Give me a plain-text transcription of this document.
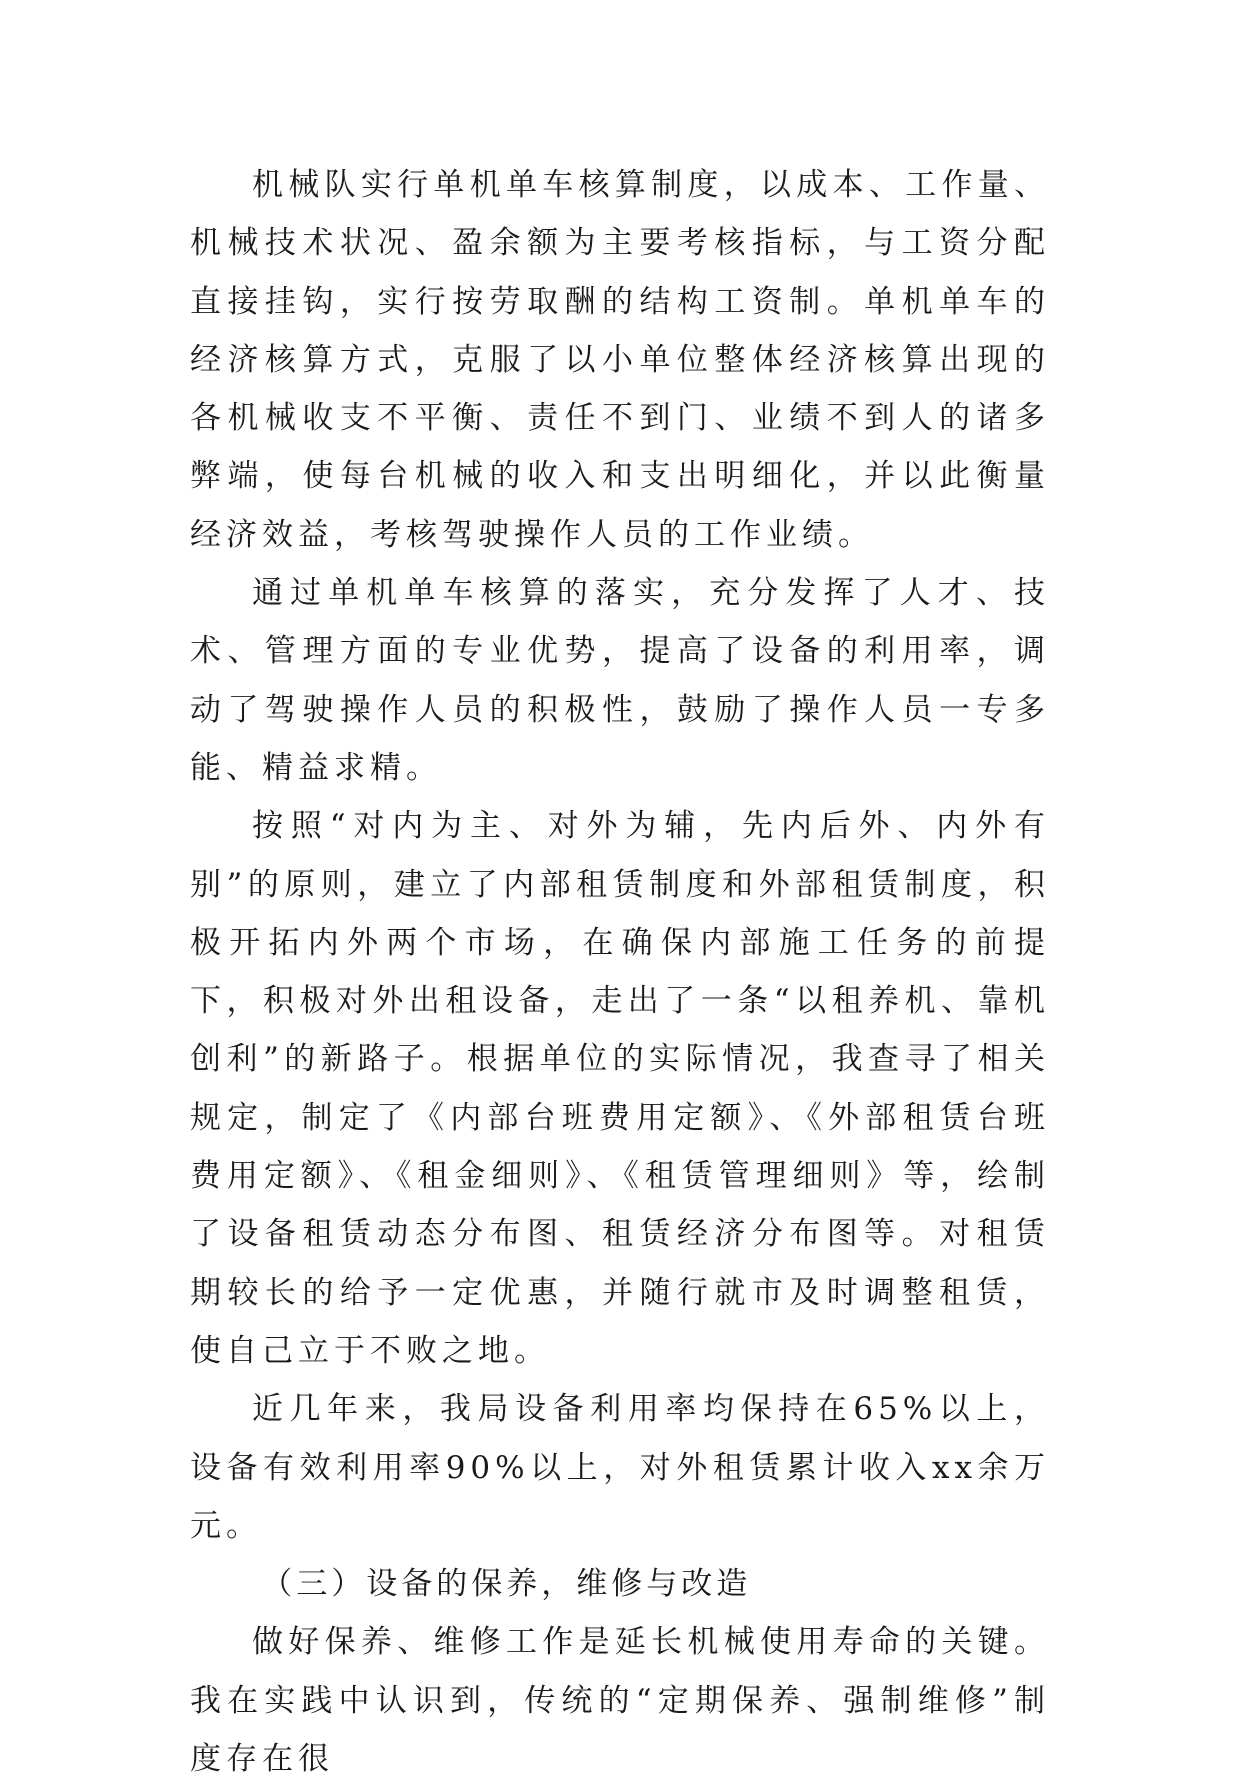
机械队实行单机单车核算制度，以成本、工作量、机械技术状况、盈余额为主要考核指标，与工资分配直接挂钩，实行按劳取酬的结构工资制。单机单车的经济核算方式，克服了以小单位整体经济核算出现的各机械收支不平衡、责任不到门、业绩不到人的诸多弊端，使每台机械的收入和支出明细化，并以此衡量经济效益，考核驾驶操作人员的工作业绩。

通过单机单车核算的落实，充分发挥了人才、技术、管理方面的专业优势，提高了设备的利用率，调动了驾驶操作人员的积极性，鼓励了操作人员一专多能、精益求精。

按照“对内为主、对外为辅，先内后外、内外有别”的原则，建立了内部租赁制度和外部租赁制度，积极开拓内外两个市场，在确保内部施工任务的前提下，积极对外出租设备，走出了一条“以租养机、靠机创利”的新路子。根据单位的实际情况，我查寻了相关规定，制定了《内部台班费用定额》、《外部租赁台班费用定额》、《租金细则》、《租赁管理细则》等，绘制了设备租赁动态分布图、租赁经济分布图等。对租赁期较长的给予一定优惠，并随行就市及时调整租赁，使自己立于不败之地。

近几年来，我局设备利用率均保持在65%以上，设备有效利用率90%以上，对外租赁累计收入xx余万元。

（三）设备的保养，维修与改造

做好保养、维修工作是延长机械使用寿命的关键。我在实践中认识到，传统的“定期保养、强制维修”制度存在很
